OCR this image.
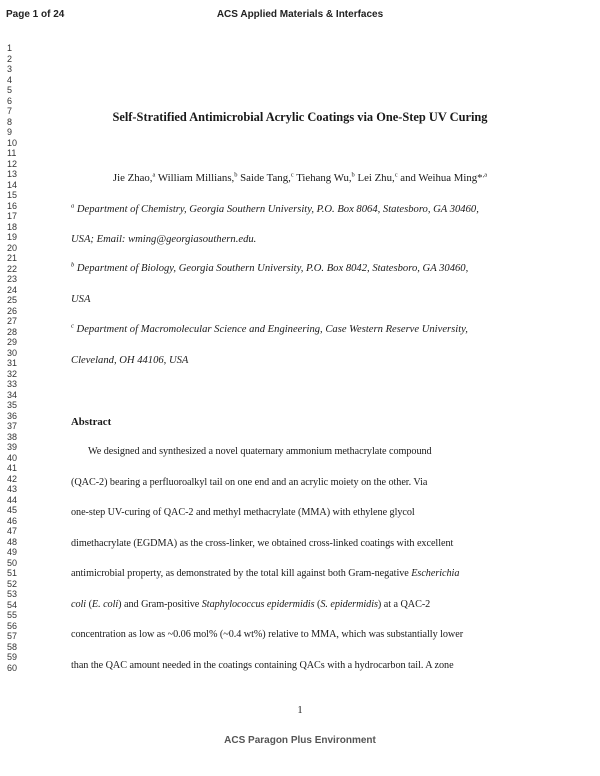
Page 1 of 24	ACS Applied Materials & Interfaces
1
2
3
4
5
6
7
8
9
10
11
12
13
14
15
16
17
18
19
20
21
22
23
24
25
26
27
28
29
30
31
32
33
34
35
36
37
38
39
40
41
42
43
44
45
46
47
48
49
50
51
52
53
54
55
56
57
58
59
60
Self-Stratified Antimicrobial Acrylic Coatings via One-Step UV Curing
Jie Zhao,$^a$ William Millians,$^b$ Saide Tang,$^c$ Tiehang Wu,$^b$ Lei Zhu,$^c$ and Weihua Ming*$^{,a}$
$^a$ Department of Chemistry, Georgia Southern University, P.O. Box 8064, Statesboro, GA 30460,
USA; Email: wming@georgiasouthern.edu.
$^b$ Department of Biology, Georgia Southern University, P.O. Box 8042, Statesboro, GA 30460,
USA
$^c$ Department of Macromolecular Science and Engineering, Case Western Reserve University,
Cleveland, OH 44106, USA
Abstract
We designed and synthesized a novel quaternary ammonium methacrylate compound
(QAC-2) bearing a perfluoroalkyl tail on one end and an acrylic moiety on the other. Via
one-step UV-curing of QAC-2 and methyl methacrylate (MMA) with ethylene glycol
dimethacrylate (EGDMA) as the cross-linker, we obtained cross-linked coatings with excellent
antimicrobial property, as demonstrated by the total kill against both Gram-negative Escherichia
coli (E. coli) and Gram-positive Staphylococcus epidermidis (S. epidermidis) at a QAC-2
concentration as low as ~0.06 mol% (~0.4 wt%) relative to MMA, which was substantially lower
than the QAC amount needed in the coatings containing QACs with a hydrocarbon tail. A zone
1
ACS Paragon Plus Environment
